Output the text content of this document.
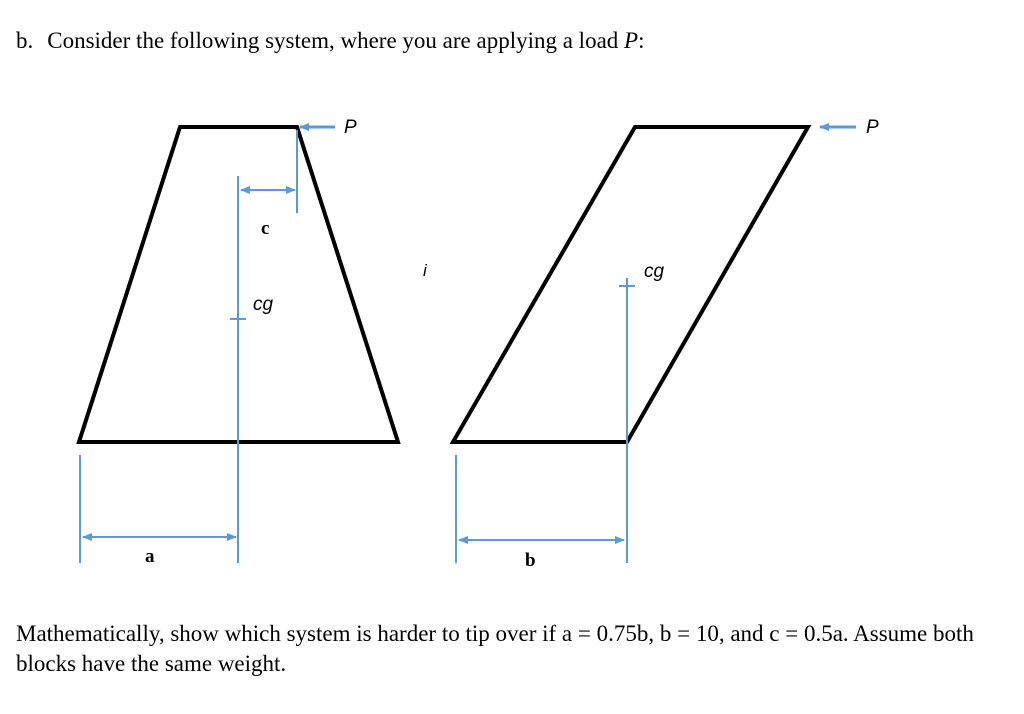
b. Consider the following system, where you are applying a load P:
P
c
cg
a
i
P
cg
b
Mathematically, show which system is harder to tip over if a = 0.75b, b = 10, and c = 0.5a. Assume both blocks have the same weight.
